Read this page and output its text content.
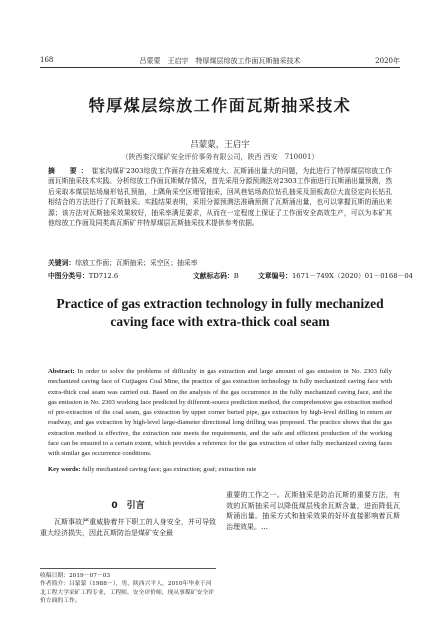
168	吕蒙蒙　王启宇　特厚煤层综放工作面瓦斯抽采技术	2020年
特厚煤层综放工作面瓦斯抽采技术
吕蒙蒙，王启宇
（陕西秦汉煤矿安全评价事务有限公司，陕西 西安　710001）
摘　要：崔家沟煤矿2303综放工作面存在抽采难度大、瓦斯涌出量大的问题，为此进行了特厚煤层综放工作面瓦斯抽采技术实践。分析综放工作面瓦斯赋存情况，首先采用分源预测法对2303工作面进行瓦斯涌出量预测，然后采取本煤层钻场扇形钻孔预抽，上隅角采空区埋管抽采，回风巷钻场高位钻孔抽采及顶板高位大直径定向长钻孔相结合的方法进行了瓦斯抽采。实践结果表明，采用分源预测法准确预测了瓦斯涌出量，也可以掌握瓦斯的涌出来源；该方法对瓦斯抽采效果较好，抽采率满足要求，从而在一定程度上保证了工作面安全高效生产，可以为本矿其他综放工作面及同类高瓦斯矿井特厚煤层瓦斯抽采技术提供参考依据。
关键词：综放工作面；瓦斯抽采；采空区；抽采率
中图分类号：TD712.6	文献标志码：B	文章编号：1671－749X（2020）01－0168－04
Practice of gas extraction technology in fully mechanized caving face with extra-thick coal seam
Abstract: In order to solve the problems of difficulty in gas extraction and large amount of gas emission in No. 2303 fully mechanized caving face of Cuijiagou Coal Mine, the practice of gas extraction technology in fully mechanized caving face with extra-thick coal seam was carried out. Based on the analysis of the gas occurrence in the fully mechanized caving face, and the gas emission in No. 2303 working face predicted by different-source prediction method, the comprehensive gas extraction method of pre-extraction of the coal seam, gas extraction by upper corner buried pipe, gas extraction by high-level drilling in return air roadway, and gas extraction by high-level large-diameter directional long drilling was proposed. The practice shows that the gas extraction method is effective, the extraction rate meets the requirements, and the safe and efficient production of the working face can be ensured to a certain extent, which provides a reference for the gas extraction of other fully mechanized caving faces with similar gas occurrence conditions.
Key words: fully mechanized caving face; gas extraction; goaf; extraction rate
0　引言

瓦斯事故严重威胁着井下职工的人身安全，并可导致重大经济损失，因此瓦斯防治是煤矿安全最

收稿日期：2019－07－03
作者简介：吕蒙蒙（1988－），男，陕西兴平人，2010年毕业于河北工程大学采矿工程专业，工程师，安全评价师，现从事煤矿安全评价方面的工作。

重要的工作之一。瓦斯抽采是防治瓦斯的重要方法，有效的瓦斯抽采可以降低煤层残余瓦斯含量，进而降低瓦斯涌出量。抽采方式和抽采效果的好坏直接影响着瓦斯治理效果。…
